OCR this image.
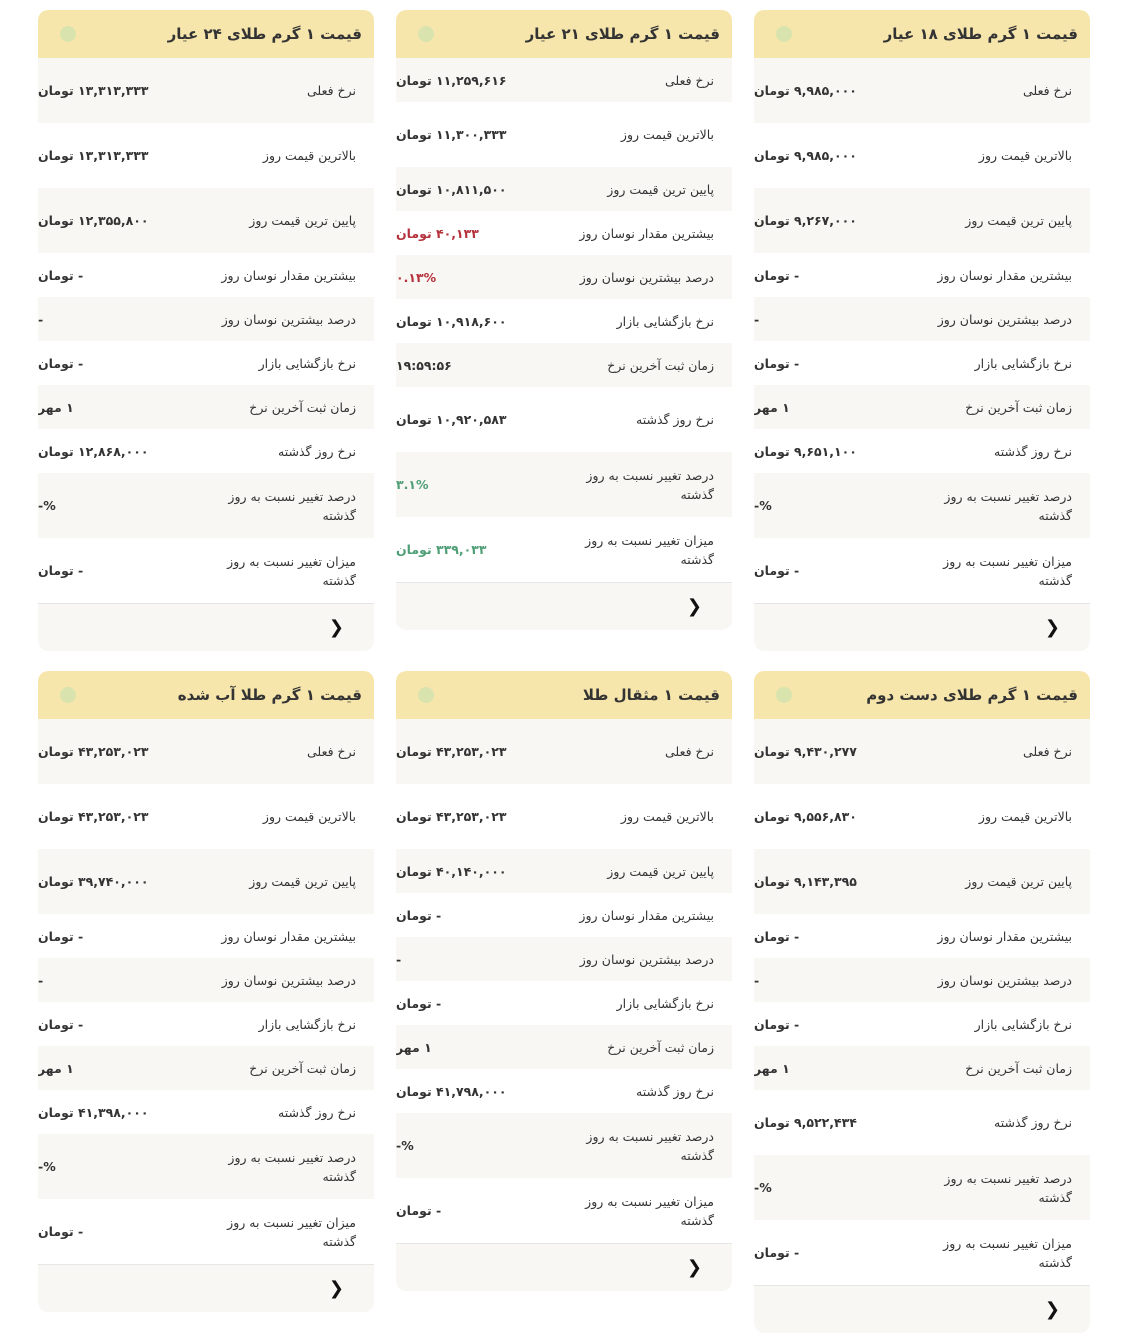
قیمت ۱ گرم طلای ۱۸ عیار
نرخ فعلی
۹,۹۸۵,۰۰۰ تومان
بالاترین قیمت روز
۹,۹۸۵,۰۰۰ تومان
پایین ترین قیمت روز
۹,۲۶۷,۰۰۰ تومان
بیشترین مقدار نوسان روز
- تومان
درصد بیشترین نوسان روز
-
نرخ بازگشایی بازار
- تومان
زمان ثبت آخرین نرخ
۱ مهر
نرخ روز گذشته
۹,۶۵۱,۱۰۰ تومان
درصد تغییر نسبت به روز گذشته
%-
میزان تغییر نسبت به روز گذشته
- تومان
❮
قیمت ۱ گرم طلای ۲۱ عیار
نرخ فعلی
۱۱,۲۵۹,۶۱۶ تومان
بالاترین قیمت روز
۱۱,۳۰۰,۳۳۳ تومان
پایین ترین قیمت روز
۱۰,۸۱۱,۵۰۰ تومان
بیشترین مقدار نوسان روز
۴۰,۱۳۳ تومان
درصد بیشترین نوسان روز
۰.۱۳%
نرخ بازگشایی بازار
۱۰,۹۱۸,۶۰۰ تومان
زمان ثبت آخرین نرخ
۱۹:۵۹:۵۶
نرخ روز گذشته
۱۰,۹۲۰,۵۸۳ تومان
درصد تغییر نسبت به روز گذشته
۳.۱%
میزان تغییر نسبت به روز گذشته
۳۳۹,۰۳۳ تومان
❮
قیمت ۱ گرم طلای ۲۴ عیار
نرخ فعلی
۱۳,۳۱۳,۳۳۳ تومان
بالاترین قیمت روز
۱۳,۳۱۳,۳۳۳ تومان
پایین ترین قیمت روز
۱۲,۳۵۵,۸۰۰ تومان
بیشترین مقدار نوسان روز
- تومان
درصد بیشترین نوسان روز
-
نرخ بازگشایی بازار
- تومان
زمان ثبت آخرین نرخ
۱ مهر
نرخ روز گذشته
۱۲,۸۶۸,۰۰۰ تومان
درصد تغییر نسبت به روز گذشته
%-
میزان تغییر نسبت به روز گذشته
- تومان
❮
قیمت ۱ گرم طلای دست دوم
نرخ فعلی
۹,۴۳۰,۲۷۷ تومان
بالاترین قیمت روز
۹,۵۵۶,۸۳۰ تومان
پایین ترین قیمت روز
۹,۱۴۳,۳۹۵ تومان
بیشترین مقدار نوسان روز
- تومان
درصد بیشترین نوسان روز
-
نرخ بازگشایی بازار
- تومان
زمان ثبت آخرین نرخ
۱ مهر
نرخ روز گذشته
۹,۵۲۲,۴۳۴ تومان
درصد تغییر نسبت به روز گذشته
%-
میزان تغییر نسبت به روز گذشته
- تومان
❮
قیمت ۱ مثقال طلا
نرخ فعلی
۴۳,۲۵۳,۰۲۳ تومان
بالاترین قیمت روز
۴۳,۲۵۳,۰۲۳ تومان
پایین ترین قیمت روز
۴۰,۱۴۰,۰۰۰ تومان
بیشترین مقدار نوسان روز
- تومان
درصد بیشترین نوسان روز
-
نرخ بازگشایی بازار
- تومان
زمان ثبت آخرین نرخ
۱ مهر
نرخ روز گذشته
۴۱,۷۹۸,۰۰۰ تومان
درصد تغییر نسبت به روز گذشته
%-
میزان تغییر نسبت به روز گذشته
- تومان
❮
قیمت ۱ گرم طلا آب شده
نرخ فعلی
۴۳,۲۵۳,۰۲۳ تومان
بالاترین قیمت روز
۴۳,۲۵۳,۰۲۳ تومان
پایین ترین قیمت روز
۳۹,۷۴۰,۰۰۰ تومان
بیشترین مقدار نوسان روز
- تومان
درصد بیشترین نوسان روز
-
نرخ بازگشایی بازار
- تومان
زمان ثبت آخرین نرخ
۱ مهر
نرخ روز گذشته
۴۱,۳۹۸,۰۰۰ تومان
درصد تغییر نسبت به روز گذشته
%-
میزان تغییر نسبت به روز گذشته
- تومان
❮
